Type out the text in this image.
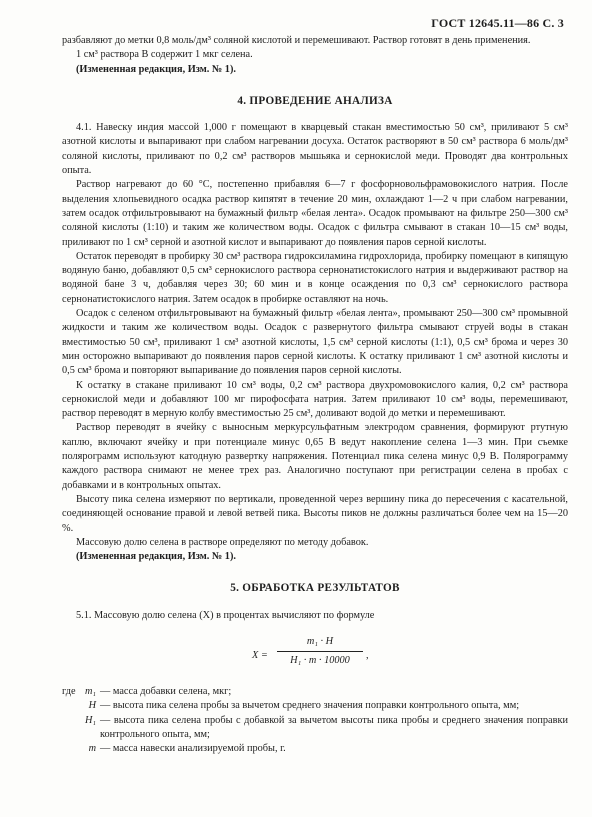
ГОСТ 12645.11—86 С. 3

разбавляют до метки 0,8 моль/дм³ соляной кислотой и перемешивают. Раствор готовят в день применения.

1 см³ раствора В содержит 1 мкг селена.

(Измененная редакция, Изм. № 1).

4. ПРОВЕДЕНИЕ АНАЛИЗА

4.1. Навеску индия массой 1,000 г помещают в кварцевый стакан вместимостью 50 см³, приливают 5 см³ азотной кислоты и выпаривают при слабом нагревании досуха. Остаток растворяют в 50 см³ раствора 6 моль/дм³ соляной кислоты, приливают по 0,2 см³ растворов мышьяка и сернокислой меди. Проводят два контрольных опыта.

Раствор нагревают до 60 °С, постепенно прибавляя 6—7 г фосфорновольфрамовокислого натрия. После выделения хлопьевидного осадка раствор кипятят в течение 20 мин, охлаждают 1—2 ч при слабом нагревании, затем осадок отфильтровывают на бумажный фильтр «белая лента». Осадок промывают на фильтре 250—300 см³ соляной кислоты (1:10) и таким же количеством воды. Осадок с фильтра смывают в стакан 10—15 см³ воды, приливают по 1 см³ серной и азотной кислот и выпаривают до появления паров серной кислоты.

Остаток переводят в пробирку 30 см³ раствора гидроксиламина гидрохлорида, пробирку помещают в кипящую водяную баню, добавляют 0,5 см³ сернокислого раствора сернонатистокислого натрия и выдерживают раствор на водяной бане 3 ч, добавляя через 30; 60 мин и в конце осаждения по 0,3 см³ сернокислого раствора сернонатистокислого натрия. Затем осадок в пробирке оставляют на ночь.

Осадок с селеном отфильтровывают на бумажный фильтр «белая лента», промывают 250—300 см³ промывной жидкости и таким же количеством воды. Осадок с развернутого фильтра смывают струей воды в стакан вместимостью 50 см³, приливают 1 см³ азотной кислоты, 1,5 см³ серной кислоты (1:1), 0,5 см³ брома и через 30 мин осторожно выпаривают до появления паров серной кислоты. К остатку приливают 1 см³ азотной кислоты и 0,5 см³ брома и повторяют выпаривание до появления паров серной кислоты.

К остатку в стакане приливают 10 см³ воды, 0,2 см³ раствора двухромовокислого калия, 0,2 см³ раствора сернокислой меди и добавляют 100 мг пирофосфата натрия. Затем приливают 10 см³ воды, перемешивают, раствор переводят в мерную колбу вместимостью 25 см³, доливают водой до метки и перемешивают.

Раствор переводят в ячейку с выносным меркурсульфатным электродом сравнения, формируют ртутную каплю, включают ячейку и при потенциале минус 0,65 В ведут накопление селена 1—3 мин. При съемке полярограмм используют катодную развертку напряжения. Потенциал пика селена минус 0,9 В. Полярограмму каждого раствора снимают не менее трех раз. Аналогично поступают при регистрации селена в пробах с добавками и в контрольных опытах.

Высоту пика селена измеряют по вертикали, проведенной через вершину пика до пересечения с касательной, соединяющей основание правой и левой ветвей пика. Высоты пиков не должны различаться более чем на 15—20 %.

Массовую долю селена в растворе определяют по методу добавок.

(Измененная редакция, Изм. № 1).

5. ОБРАБОТКА РЕЗУЛЬТАТОВ

5.1. Массовую долю селена (X) в процентах вычисляют по формуле

$X = \frac{\text{m₁ · H}}{\text{H₁ · m · 10000}}$ ,
где m₁ — масса добавки селена, мкг;
H — высота пика селена пробы за вычетом среднего значения поправки контрольного опыта, мм;
H₁ — высота пика селена пробы с добавкой за вычетом высоты пика пробы и среднего значения поправки контрольного опыта, мм;
m — масса навески анализируемой пробы, г.
